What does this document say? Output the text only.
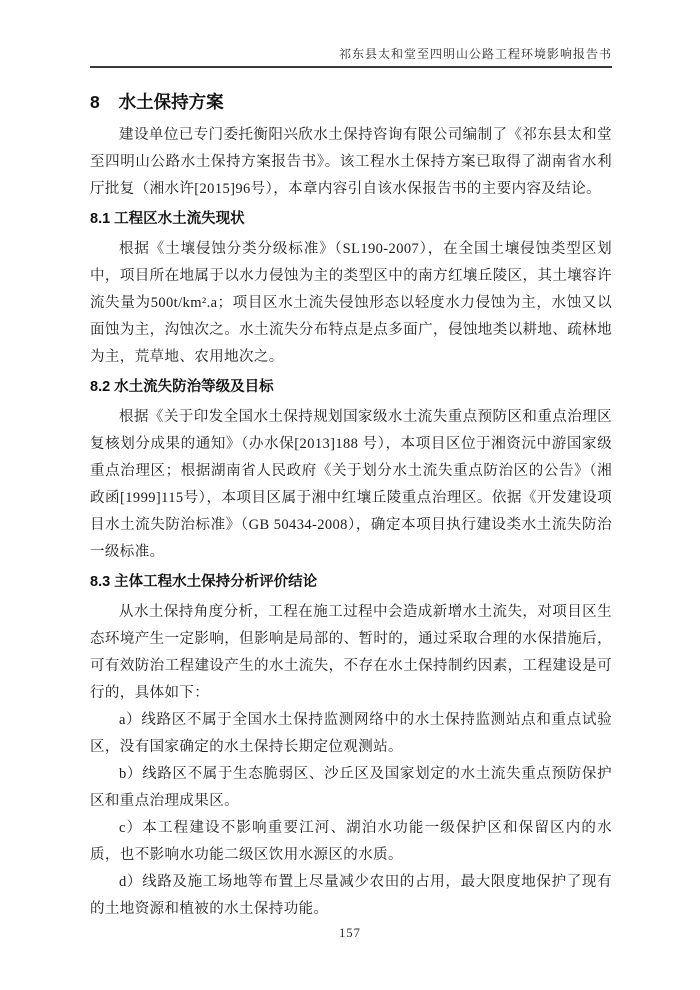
祁东县太和堂至四明山公路工程环境影响报告书
8 水土保持方案

建设单位已专门委托衡阳兴欣水土保持咨询有限公司编制了《祁东县太和堂至四明山公路水土保持方案报告书》。该工程水土保持方案已取得了湖南省水利厅批复（湘水许[2015]96号），本章内容引自该水保报告书的主要内容及结论。

8.1 工程区水土流失现状

根据《土壤侵蚀分类分级标准》（SL190-2007），在全国土壤侵蚀类型区划中，项目所在地属于以水力侵蚀为主的类型区中的南方红壤丘陵区，其土壤容许流失量为500t/km².a；项目区水土流失侵蚀形态以轻度水力侵蚀为主，水蚀又以面蚀为主，沟蚀次之。水土流失分布特点是点多面广，侵蚀地类以耕地、疏林地为主，荒草地、农用地次之。

8.2 水土流失防治等级及目标

根据《关于印发全国水土保持规划国家级水土流失重点预防区和重点治理区复核划分成果的通知》（办水保[2013]188 号），本项目区位于湘资沅中游国家级重点治理区；根据湖南省人民政府《关于划分水土流失重点防治区的公告》（湘政函[1999]115号），本项目区属于湘中红壤丘陵重点治理区。依据《开发建设项目水土流失防治标准》（GB 50434-2008），确定本项目执行建设类水土流失防治一级标准。

8.3 主体工程水土保持分析评价结论

从水土保持角度分析，工程在施工过程中会造成新增水土流失，对项目区生态环境产生一定影响，但影响是局部的、暂时的，通过采取合理的水保措施后，可有效防治工程建设产生的水土流失，不存在水土保持制约因素，工程建设是可行的，具体如下：

a）线路区不属于全国水土保持监测网络中的水土保持监测站点和重点试验区，没有国家确定的水土保持长期定位观测站。

b）线路区不属于生态脆弱区、沙丘区及国家划定的水土流失重点预防保护区和重点治理成果区。

c）本工程建设不影响重要江河、湖泊水功能一级保护区和保留区内的水质，也不影响水功能二级区饮用水源区的水质。

d）线路及施工场地等布置上尽量减少农田的占用，最大限度地保护了现有的土地资源和植被的水土保持功能。

157
